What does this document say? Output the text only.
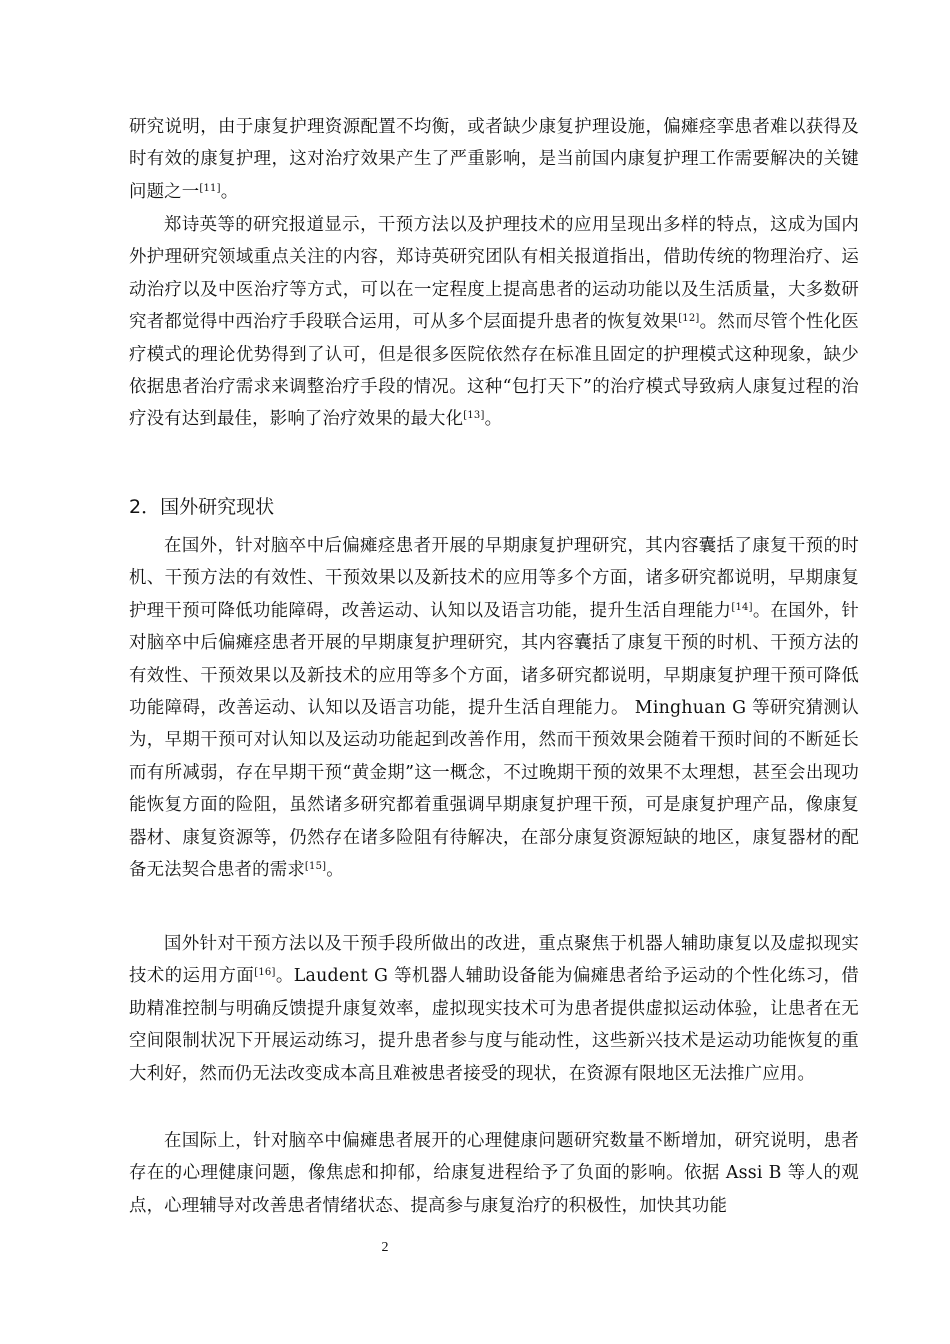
研究说明，由于康复护理资源配置不均衡，或者缺少康复护理设施，偏瘫痉挛患者难以获得及时有效的康复护理，这对治疗效果产生了严重影响，是当前国内康复护理工作需要解决的关键问题之一[11]。

郑诗英等的研究报道显示，干预方法以及护理技术的应用呈现出多样的特点，这成为国内外护理研究领域重点关注的内容，郑诗英研究团队有相关报道指出，借助传统的物理治疗、运动治疗以及中医治疗等方式，可以在一定程度上提高患者的运动功能以及生活质量，大多数研究者都觉得中西治疗手段联合运用，可从多个层面提升患者的恢复效果[12]。然而尽管个性化医疗模式的理论优势得到了认可，但是很多医院依然存在标准且固定的护理模式这种现象，缺少依据患者治疗需求来调整治疗手段的情况。这种“包打天下”的治疗模式导致病人康复过程的治疗没有达到最佳，影响了治疗效果的最大化[13]。

2．国外研究现状

在国外，针对脑卒中后偏瘫痉患者开展的早期康复护理研究，其内容囊括了康复干预的时机、干预方法的有效性、干预效果以及新技术的应用等多个方面，诸多研究都说明，早期康复护理干预可降低功能障碍，改善运动、认知以及语言功能，提升生活自理能力[14]。在国外，针对脑卒中后偏瘫痉患者开展的早期康复护理研究，其内容囊括了康复干预的时机、干预方法的有效性、干预效果以及新技术的应用等多个方面，诸多研究都说明，早期康复护理干预可降低功能障碍，改善运动、认知以及语言功能，提升生活自理能力。 Minghuan G 等研究猜测认为，早期干预可对认知以及运动功能起到改善作用，然而干预效果会随着干预时间的不断延长而有所减弱，存在早期干预“黄金期”这一概念，不过晚期干预的效果不太理想，甚至会出现功能恢复方面的险阻，虽然诸多研究都着重强调早期康复护理干预，可是康复护理产品，像康复器材、康复资源等，仍然存在诸多险阻有待解决，在部分康复资源短缺的地区，康复器材的配备无法契合患者的需求[15]。

国外针对干预方法以及干预手段所做出的改进，重点聚焦于机器人辅助康复以及虚拟现实技术的运用方面[16]。Laudent G 等机器人辅助设备能为偏瘫患者给予运动的个性化练习，借助精准控制与明确反馈提升康复效率，虚拟现实技术可为患者提供虚拟运动体验，让患者在无空间限制状况下开展运动练习，提升患者参与度与能动性，这些新兴技术是运动功能恢复的重大利好，然而仍无法改变成本高且难被患者接受的现状，在资源有限地区无法推广应用。

在国际上，针对脑卒中偏瘫患者展开的心理健康问题研究数量不断增加，研究说明，患者存在的心理健康问题，像焦虑和抑郁，给康复进程给予了负面的影响。依据 Assi B 等人的观点，心理辅导对改善患者情绪状态、提高参与康复治疗的积极性，加快其功能

2
